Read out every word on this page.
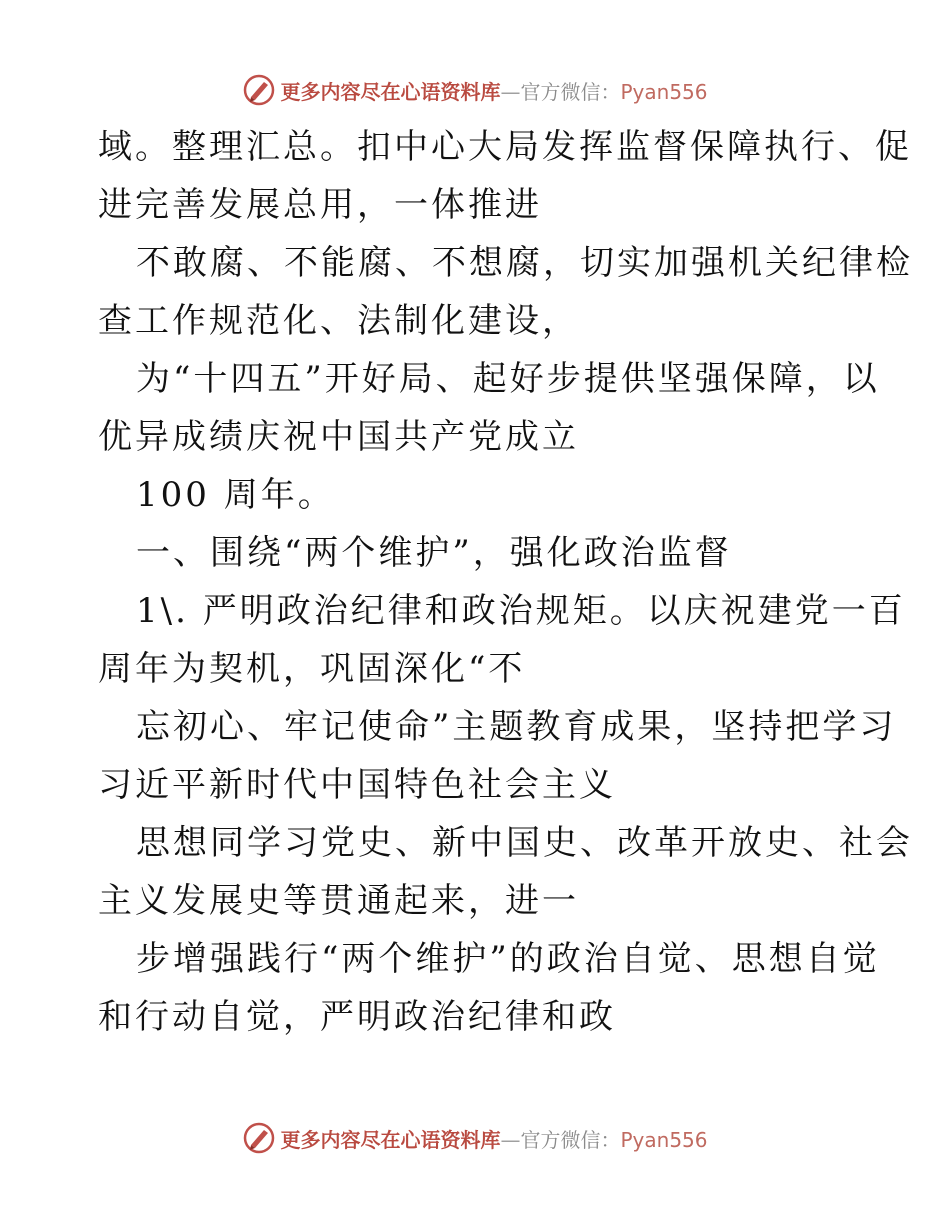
更多内容尽在心语资料库—官方微信：Pyan556
域。整理汇总。扣中心大局发挥监督保障执行、促
进完善发展总用，一体推进
不敢腐、不能腐、不想腐，切实加强机关纪律检
查工作规范化、法制化建设，
为“十四五”开好局、起好步提供坚强保障，以
优异成绩庆祝中国共产党成立
100 周年。
一、围绕“两个维护”，强化政治监督
1\. 严明政治纪律和政治规矩。以庆祝建党一百
周年为契机，巩固深化“不
忘初心、牢记使命”主题教育成果，坚持把学习
习近平新时代中国特色社会主义
思想同学习党史、新中国史、改革开放史、社会
主义发展史等贯通起来，进一
步增强践行“两个维护”的政治自觉、思想自觉
和行动自觉，严明政治纪律和政
更多内容尽在心语资料库—官方微信：Pyan556
